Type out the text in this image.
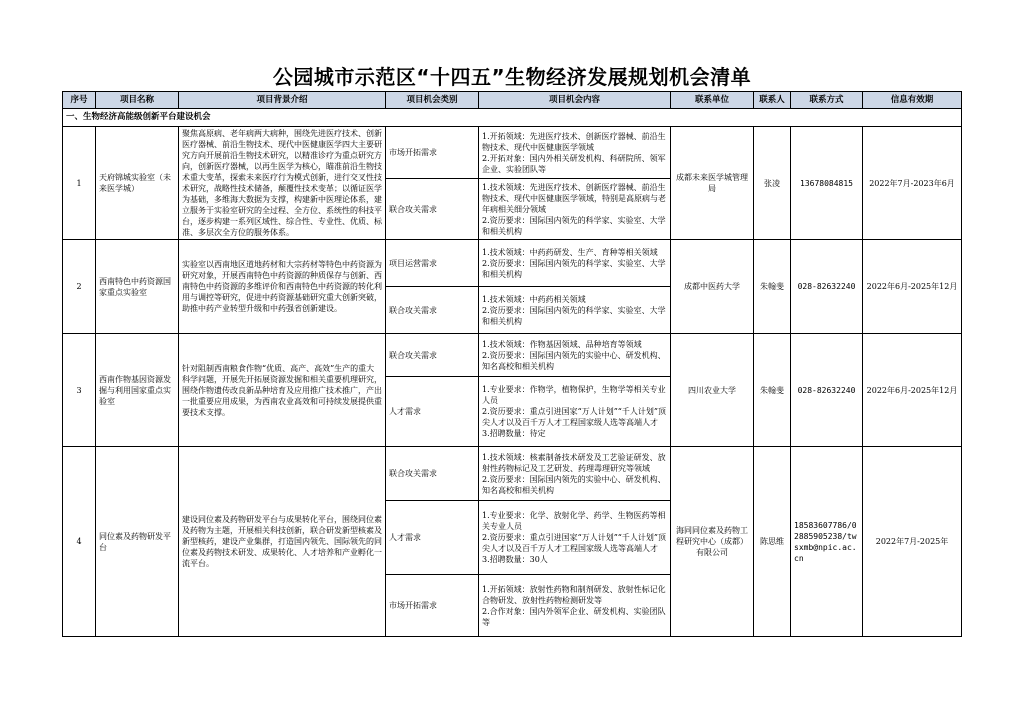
公园城市示范区“十四五”生物经济发展规划机会清单
序号	项目名称	项目背景介绍	项目机会类别	项目机会内容	联系单位	联系人	联系方式	信息有效期
一、生物经济高能级创新平台建设机会								
1	天府锦城实验室（未来医学城）	聚焦高原病、老年病两大病种，围绕先进医疗技术、创新医疗器械、前沿生物技术、现代中医健康医学四大主要研究方向开展前沿生物技术研究，以精准诊疗为重点研究方向，创新医疗器械，以再生医学为核心，瞄准前沿生物技术重大变革，探索未来医疗行为模式创新，进行交叉性技术研究，战略性技术储备，颠覆性技术变革；以循证医学为基础，多维海大数据为支撑，构建新中医理论体系，建立服务于实验室研究的全过程、全方位、系统性的科技平台，逐步构建一系列区域性、综合性、专业性、优质、标准、多层次全方位的服务体系。	市场开拓需求	1.开拓领域：先进医疗技术、创新医疗器械、前沿生物技术、现代中医健康医学领域
2.开拓对象：国内外相关研发机构、科研院所、领军企业、实验团队等	成都未来医学城管理局	张凌	13678084815	2022年7月-2023年6月
			联合攻关需求	1.技术领域：先进医疗技术、创新医疗器械、前沿生物技术、现代中医健康医学领域，特别是高原病与老年病相关细分领域
2.资历要求：国际国内领先的科学家、实验室、大学和相关机构				
2	西南特色中药资源国家重点实验室	实验室以西南地区道地药材和大宗药材等特色中药资源为研究对象，开展西南特色中药资源的种质保存与创新、西南特色中药资源的多维评价和西南特色中药资源的转化利用与调控等研究，促进中药资源基础研究重大创新突破，助推中药产业转型升级和中药强省创新建设。	项目运营需求	1.技术领域：中药药研发、生产、育种等相关领域
2.资历要求：国际国内领先的科学家、实验室、大学和相关机构	成都中医药大学	朱翰斐	028-82632240	2022年6月-2025年12月
			联合攻关需求	1.技术领域：中药药相关领域
2.资历要求：国际国内领先的科学家、实验室、大学和相关机构				
3	西南作物基因资源发掘与利用国家重点实验室	针对阻制西南粮食作物“优质、高产、高效”生产的重大科学问题，开展先开拓展资源发掘和相关重要机理研究，围绕作物遗传改良新品种培育及应用推广技术推广，产出一批重要应用成果，为西南农业高效和可持续发展提供重要技术支撑。	联合攻关需求	1.技术领域：作物基因领域、品种培育等领域
2.资历要求：国际国内领先的实验中心、研发机构、知名高校和相关机构	四川农业大学	朱翰斐	028-82632240	2022年6月-2025年12月
			人才需求	1.专业要求：作物学，植物保护，生物学等相关专业人员
2.资历要求：重点引进国家“万人计划”“千人计划”顶尖人才以及百千万人才工程国家级人选等高端人才
3.招聘数量：待定				
4	同位素及药物研发平台	建设同位素及药物研发平台与成果转化平台，围绕同位素及药物为主题，开展相关科技创新，联合研发新型核素及新型核药，建设产业集群，打造国内领先、国际领先的同位素及药物技术研发、成果转化、人才培养和产业孵化一流平台。	联合攻关需求	1.技术领域：核素制备技术研发及工艺验证研发、放射性药物标记及工艺研发、药理毒理研究等领域
2.资历要求：国际国内领先的实验中心、研发机构、知名高校和相关机构	海同同位素及药物工程研究中心（成都）有限公司	陈思维	18583607786/02885905238/twsxmb@npic.ac.cn	2022年7月-2025年
			人才需求	1.专业要求：化学、放射化学、药学、生物医药等相关专业人员
2.资历要求：重点引进国家“万人计划”“千人计划”顶尖人才以及百千万人才工程国家级人选等高端人才
3.招聘数量：30人				
			市场开拓需求	1.开拓领域：放射性药物和制剂研发、放射性标记化合物研发、放射性药物检测研发等
2.合作对象：国内外领军企业、研发机构、实验团队等				
